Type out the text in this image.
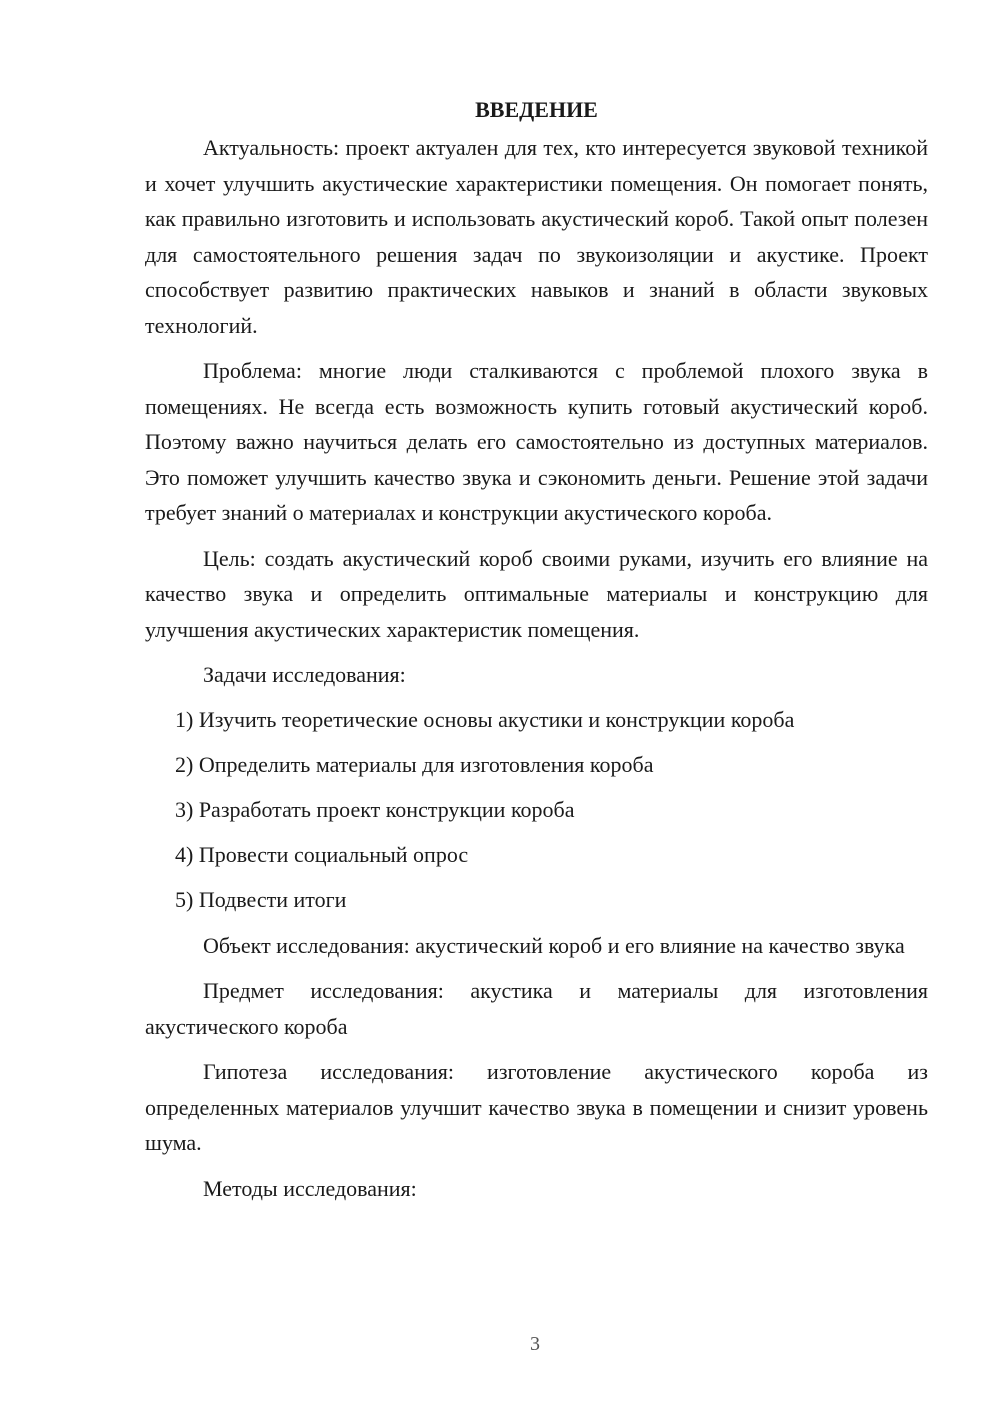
ВВЕДЕНИЕ

Актуальность: проект актуален для тех, кто интересуется звуковой техникой и хочет улучшить акустические характеристики помещения. Он помогает понять, как правильно изготовить и использовать акустический короб. Такой опыт полезен для самостоятельного решения задач по звукоизоляции и акустике. Проект способствует развитию практических навыков и знаний в области звуковых технологий.

Проблема: многие люди сталкиваются с проблемой плохого звука в помещениях. Не всегда есть возможность купить готовый акустический короб. Поэтому важно научиться делать его самостоятельно из доступных материалов. Это поможет улучшить качество звука и сэкономить деньги. Решение этой задачи требует знаний о материалах и конструкции акустического короба.

Цель: создать акустический короб своими руками, изучить его влияние на качество звука и определить оптимальные материалы и конструкцию для улучшения акустических характеристик помещения.

Задачи исследования:

1) Изучить теоретические основы акустики и конструкции короба
2) Определить материалы для изготовления короба
3) Разработать проект конструкции короба
4) Провести социальный опрос
5) Подвести итоги

Объект исследования: акустический короб и его влияние на качество звука

Предмет исследования: акустика и материалы для изготовления акустического короба

Гипотеза исследования: изготовление акустического короба из определенных материалов улучшит качество звука в помещении и снизит уровень шума.

Методы исследования:

3
